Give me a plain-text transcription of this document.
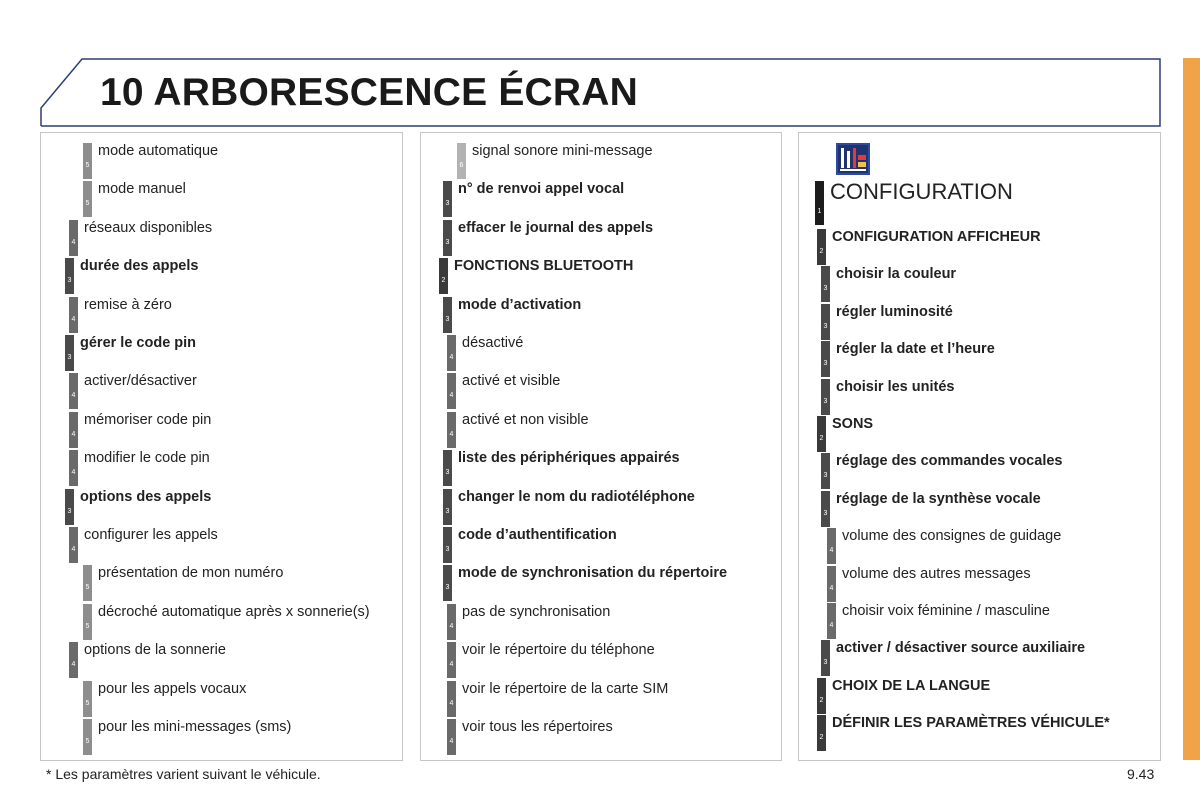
10 ARBORESCENCE ÉCRAN
5
mode automatique
5
mode manuel
4
réseaux disponibles
3
durée des appels
4
remise à zéro
3
gérer le code pin
4
activer/désactiver
4
mémoriser code pin
4
modifier le code pin
3
options des appels
4
configurer les appels
5
présentation de mon numéro
5
décroché automatique après x sonnerie(s)
4
options de la sonnerie
5
pour les appels vocaux
5
pour les mini-messages (sms)
6
signal sonore mini-message
3
n° de renvoi appel vocal
3
effacer le journal des appels
2
FONCTIONS BLUETOOTH
3
mode d’activation
4
désactivé
4
activé et visible
4
activé et non visible
3
liste des périphériques appairés
3
changer le nom du radiotéléphone
3
code d’authentification
3
mode de synchronisation du répertoire
4
pas de synchronisation
4
voir le répertoire du téléphone
4
voir le répertoire de la carte SIM
4
voir tous les répertoires
1
CONFIGURATION
2
CONFIGURATION AFFICHEUR
3
choisir la couleur
3
régler luminosité
3
régler la date et l’heure
3
choisir les unités
2
SONS
3
réglage des commandes vocales
3
réglage de la synthèse vocale
4
volume des consignes de guidage
4
volume des autres messages
4
choisir voix féminine / masculine
3
activer / désactiver source auxiliaire
2
CHOIX DE LA LANGUE
2
DÉFINIR LES PARAMÈTRES VÉHICULE*
* Les paramètres varient suivant le véhicule.	9.43
